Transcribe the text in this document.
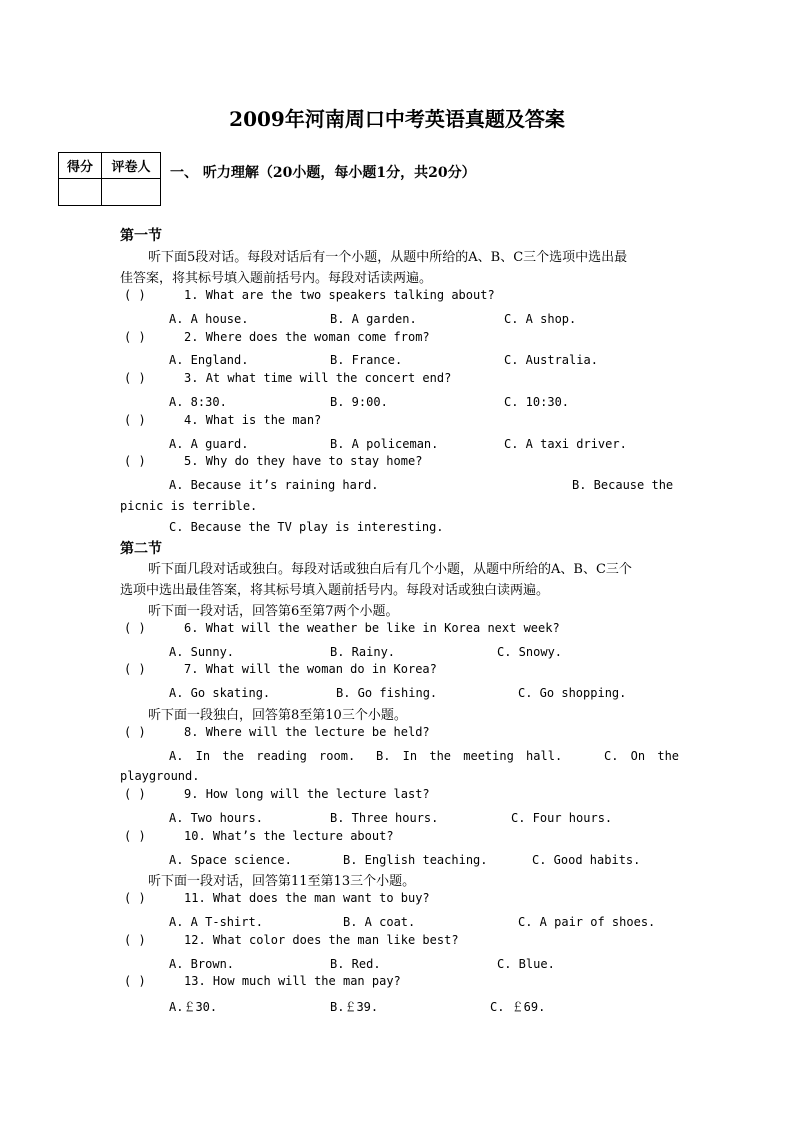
2009年河南周口中考英语真题及答案
得分	评卷人
	一、 听力理解（20小题，每小题1分，共20分）
第一节
听下面5段对话。每段对话后有一个小题，从题中所给的A、B、C三个选项中选出最
佳答案，将其标号填入题前括号内。每段对话读两遍。
( )	1. What are the two speakers talking about?
A. A house.	B. A garden.	C. A shop.
( )	2. Where does the woman come from?
A. England.	B. France.	C. Australia.
( )	3. At what time will the concert end?
A. 8:30.	B. 9:00.	C. 10:30.
( )	4. What is the man?
A. A guard.	B. A policeman.	C. A taxi driver.
( )	5. Why do they have to stay home?
A. Because it’s raining hard.	B. Because the
picnic is terrible.
C. Because the TV play is interesting.
第二节
听下面几段对话或独白。每段对话或独白后有几个小题，从题中所给的A、B、C三个
选项中选出最佳答案，将其标号填入题前括号内。每段对话或独白读两遍。
听下面一段对话，回答第6至第7两个小题。
( )	6. What will the weather be like in Korea next week?
A. Sunny.	B. Rainy.	C. Snowy.
( )	7. What will the woman do in Korea?
A. Go skating.	B. Go fishing.	C. Go shopping.
听下面一段独白，回答第8至第10三个小题。
( )	8. Where will the lecture be held?
A. In the reading room. B. In the meeting hall.	C. On the
playground.
( )	9. How long will the lecture last?
A. Two hours.	B. Three hours.	C. Four hours.
( )	10. What’s the lecture about?
A. Space science.	B. English teaching.	C. Good habits.
听下面一段对话，回答第11至第13三个小题。
( )	11. What does the man want to buy?
A. A T-shirt.	B. A coat.	C. A pair of shoes.
( )	12. What color does the man like best?
A. Brown.	B. Red.	C. Blue.
( )	13. How much will the man pay?
A.￡30.	B.￡39.	C. ￡69.
